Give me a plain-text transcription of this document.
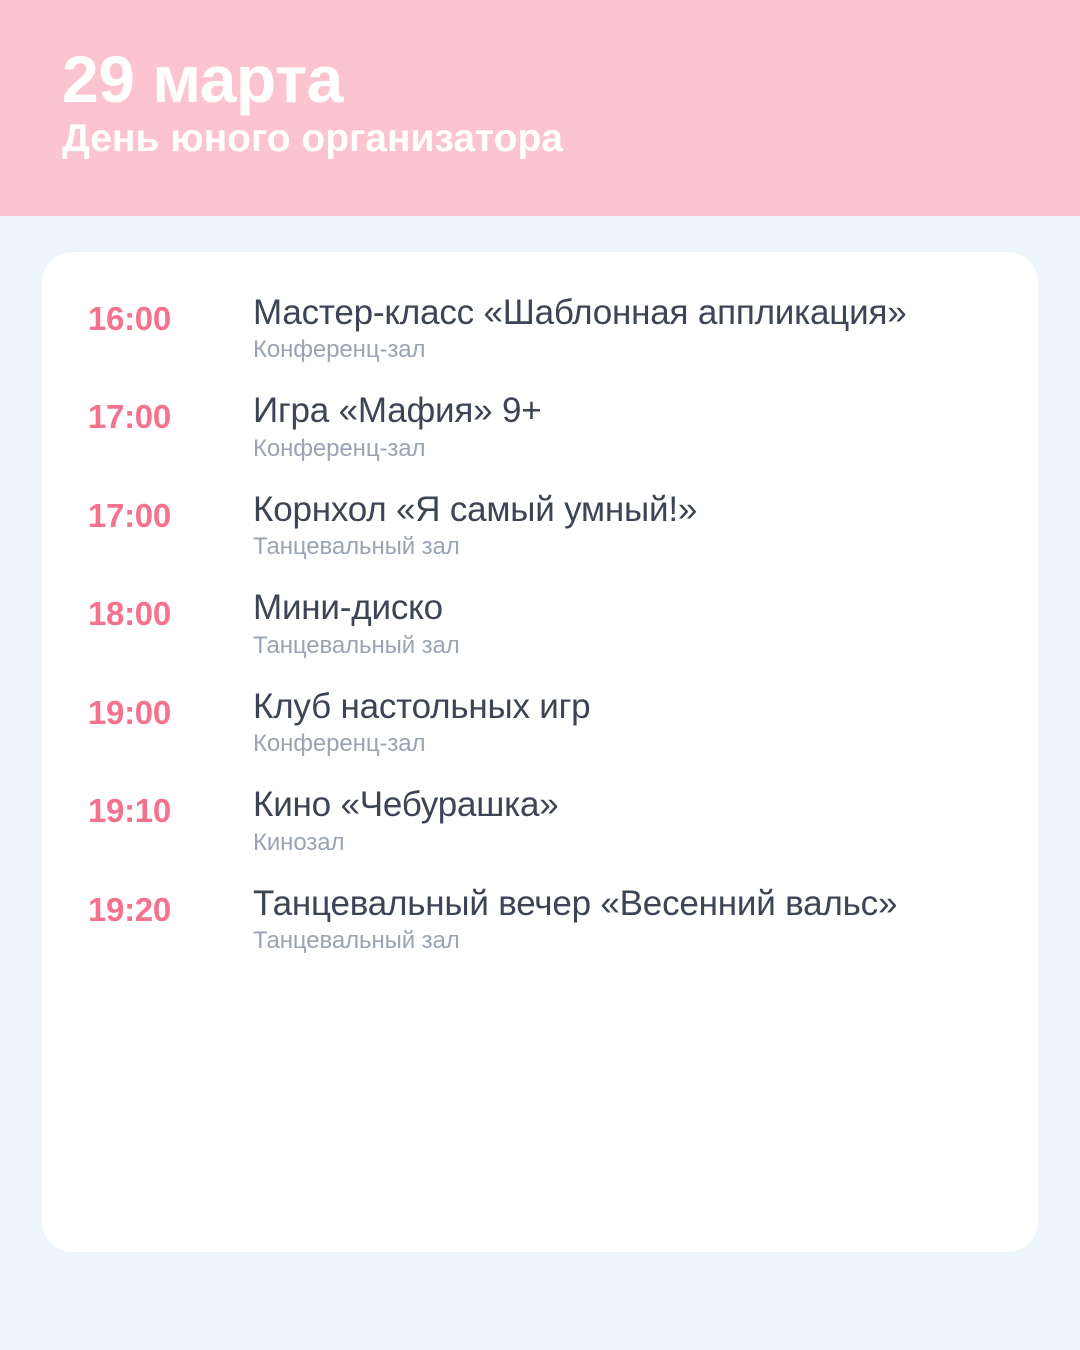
29 марта
День юного организатора
16:00	Мастер-класс «Шаблонная аппликация»
Конференц-зал
17:00	Игра «Мафия» 9+
Конференц-зал
17:00	Корнхол «Я самый умный!»
Танцевальный зал
18:00	Мини-диско
Танцевальный зал
19:00	Клуб настольных игр
Конференц-зал
19:10	Кино «Чебурашка»
Кинозал
19:20	Танцевальный вечер «Весенний вальс»
Танцевальный зал
